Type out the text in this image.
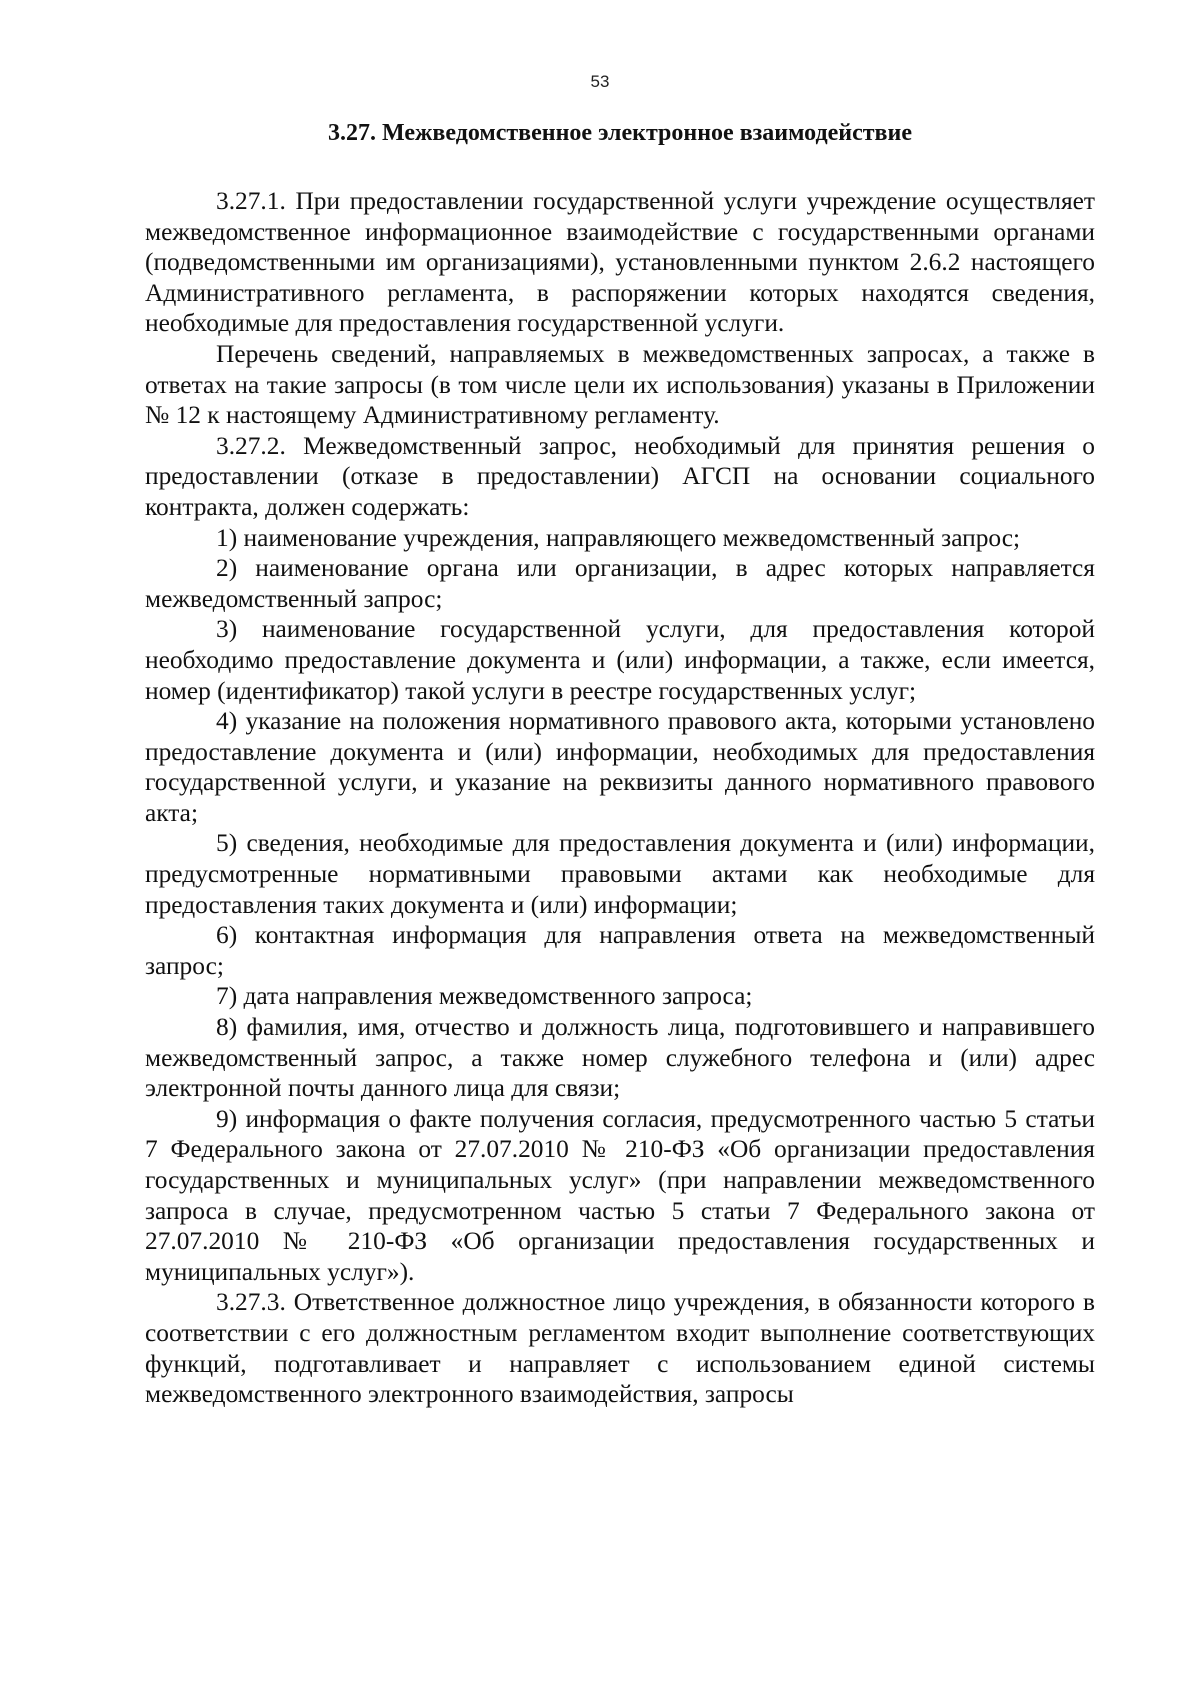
53
3.27. Межведомственное электронное взаимодействие

3.27.1. При предоставлении государственной услуги учреждение осуществляет межведомственное информационное взаимодействие с государственными органами (подведомственными им организациями), установленными пунктом 2.6.2 настоящего Административного регламента, в распоряжении которых находятся сведения, необходимые для предоставления государственной услуги.

Перечень сведений, направляемых в межведомственных запросах, а также в ответах на такие запросы (в том числе цели их использования) указаны в Приложении № 12 к настоящему Административному регламенту.

3.27.2. Межведомственный запрос, необходимый для принятия решения о предоставлении (отказе в предоставлении) АГСП на основании социального контракта, должен содержать:

1) наименование учреждения, направляющего межведомственный запрос;

2) наименование органа или организации, в адрес которых направляется межведомственный запрос;

3) наименование государственной услуги, для предоставления которой необходимо предоставление документа и (или) информации, а также, если имеется, номер (идентификатор) такой услуги в реестре государственных услуг;

4) указание на положения нормативного правового акта, которыми установлено предоставление документа и (или) информации, необходимых для предоставления государственной услуги, и указание на реквизиты данного нормативного правового акта;

5) сведения, необходимые для предоставления документа и (или) информации, предусмотренные нормативными правовыми актами как необходимые для предоставления таких документа и (или) информации;

6) контактная информация для направления ответа на межведомственный запрос;

7) дата направления межведомственного запроса;

8) фамилия, имя, отчество и должность лица, подготовившего и направившего межведомственный запрос, а также номер служебного телефона и (или) адрес электронной почты данного лица для связи;

9) информация о факте получения согласия, предусмотренного частью 5 статьи 7 Федерального закона от 27.07.2010 № 210-ФЗ «Об организации предоставления государственных и муниципальных услуг» (при направлении межведомственного запроса в случае, предусмотренном частью 5 статьи 7 Федерального закона от 27.07.2010 № 210-ФЗ «Об организации предоставления государственных и муниципальных услуг»).

3.27.3. Ответственное должностное лицо учреждения, в обязанности которого в соответствии с его должностным регламентом входит выполнение соответствующих функций, подготавливает и направляет с использованием единой системы межведомственного электронного взаимодействия, запросы
